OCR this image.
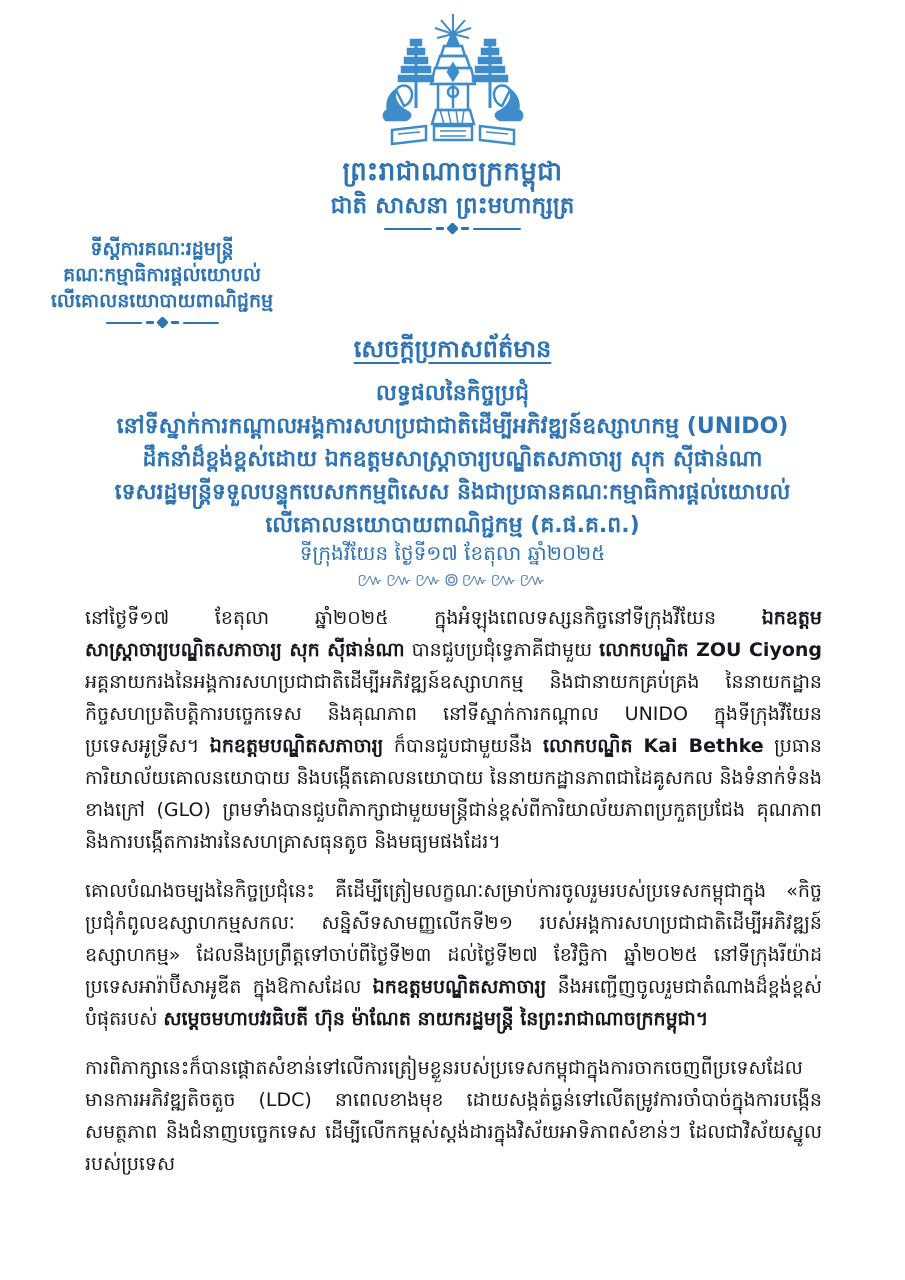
ព្រះរាជាណាចក្រកម្ពុជា
ជាតិ សាសនា ព្រះមហាក្សត្រ
ទីស្តីការគណៈរដ្ឋមន្ត្រី
គណៈកម្មាធិការផ្តល់យោបល់
លើគោលនយោបាយពាណិជ្ជកម្ម
សេចក្តីប្រកាសព័ត៌មាន
លទ្ធផលនៃកិច្ចប្រជុំ
នៅទីស្នាក់ការកណ្តាលអង្គការសហប្រជាជាតិដើម្បីអភិវឌ្ឍន៍ឧស្សាហកម្ម (UNIDO)
ដឹកនាំដ៏ខ្ពង់ខ្ពស់ដោយ ឯកឧត្តមសាស្ត្រាចារ្យបណ្ឌិតសភាចារ្យ សុក ស៊ីផាន់ណា
ទេសរដ្ឋមន្ត្រីទទួលបន្ទុកបេសកកម្មពិសេស និងជាប្រធានគណៈកម្មាធិការផ្តល់យោបល់
លើគោលនយោបាយពាណិជ្ជកម្ម (គ.ផ.គ.ព.)
ទីក្រុងវីយែន ថ្ងៃទី១៧ ខែតុលា ឆ្នាំ២០២៥
៚៚៚៙៚៚៚

នៅថ្ងៃទី១៧ ខែតុលា ឆ្នាំ២០២៥ ក្នុងអំឡុងពេលទស្សនកិច្ចនៅទីក្រុងវីយែន ឯកឧត្តមសាស្ត្រាចារ្យបណ្ឌិតសភាចារ្យ សុក ស៊ីផាន់ណា បានជួបប្រជុំទ្វេភាគីជាមួយ លោកបណ្ឌិត ZOU Ciyong អគ្គនាយករងនៃអង្គការសហប្រជាជាតិដើម្បីអភិវឌ្ឍន៍ឧស្សាហកម្ម និងជានាយកគ្រប់គ្រង នៃនាយកដ្ឋានកិច្ចសហប្រតិបត្តិការបច្ចេកទេស និងគុណភាព នៅទីស្នាក់ការកណ្តាល UNIDO ក្នុងទីក្រុងវីយែន ប្រទេសអូទ្រីស។ ឯកឧត្តមបណ្ឌិតសភាចារ្យ ក៏បានជួបជាមួយនឹង លោកបណ្ឌិត Kai Bethke ប្រធានការិយាល័យគោលនយោបាយ និងបង្កើតគោលនយោបាយ នៃនាយកដ្ឋានភាពជាដៃគូសកល និងទំនាក់ទំនងខាងក្រៅ (GLO) ព្រមទាំងបានជួបពិភាក្សាជាមួយមន្ត្រីជាន់ខ្ពស់ពីការិយាល័យភាពប្រកួតប្រជែង គុណភាព និងការបង្កើតការងារនៃសហគ្រាសធុនតូច និងមធ្យមផងដែរ។

គោលបំណងចម្បងនៃកិច្ចប្រជុំនេះ គឺដើម្បីត្រៀមលក្ខណៈសម្រាប់ការចូលរួមរបស់ប្រទេសកម្ពុជាក្នុង «កិច្ចប្រជុំកំពូលឧស្សាហកម្មសកលៈ សន្និសីទសាមញ្ញលើកទី២១ របស់អង្គការសហប្រជាជាតិដើម្បីអភិវឌ្ឍន៍ឧស្សាហកម្ម» ដែលនឹងប្រព្រឹត្តទៅចាប់ពីថ្ងៃទី២៣ ដល់ថ្ងៃទី២៧ ខែវិច្ឆិកា ឆ្នាំ២០២៥ នៅទីក្រុងរីយ៉ាដ ប្រទេសអារ៉ាប៊ីសាអូឌីត ក្នុងឱកាសដែល ឯកឧត្តមបណ្ឌិតសភាចារ្យ នឹងអញ្ជើញចូលរួមជាតំណាងដ៏ខ្ពង់ខ្ពស់បំផុតរបស់ សម្តេចមហាបវរធិបតី ហ៊ុន ម៉ាណែត នាយករដ្ឋមន្ត្រី នៃព្រះរាជាណាចក្រកម្ពុជា។

ការពិភាក្សានេះក៏បានផ្តោតសំខាន់ទៅលើការត្រៀមខ្លួនរបស់ប្រទេសកម្ពុជាក្នុងការចាកចេញពីប្រទេសដែលមានការអភិវឌ្ឍតិចតួច (LDC) នាពេលខាងមុខ ដោយសង្កត់ធ្ងន់ទៅលើតម្រូវការចាំបាច់ក្នុងការបង្កើនសមត្ថភាព និងជំនាញបច្ចេកទេស ដើម្បីលើកកម្ពស់ស្តង់ដារក្នុងវិស័យអាទិភាពសំខាន់ៗ ដែលជាវិស័យស្នូលរបស់ប្រទេស
